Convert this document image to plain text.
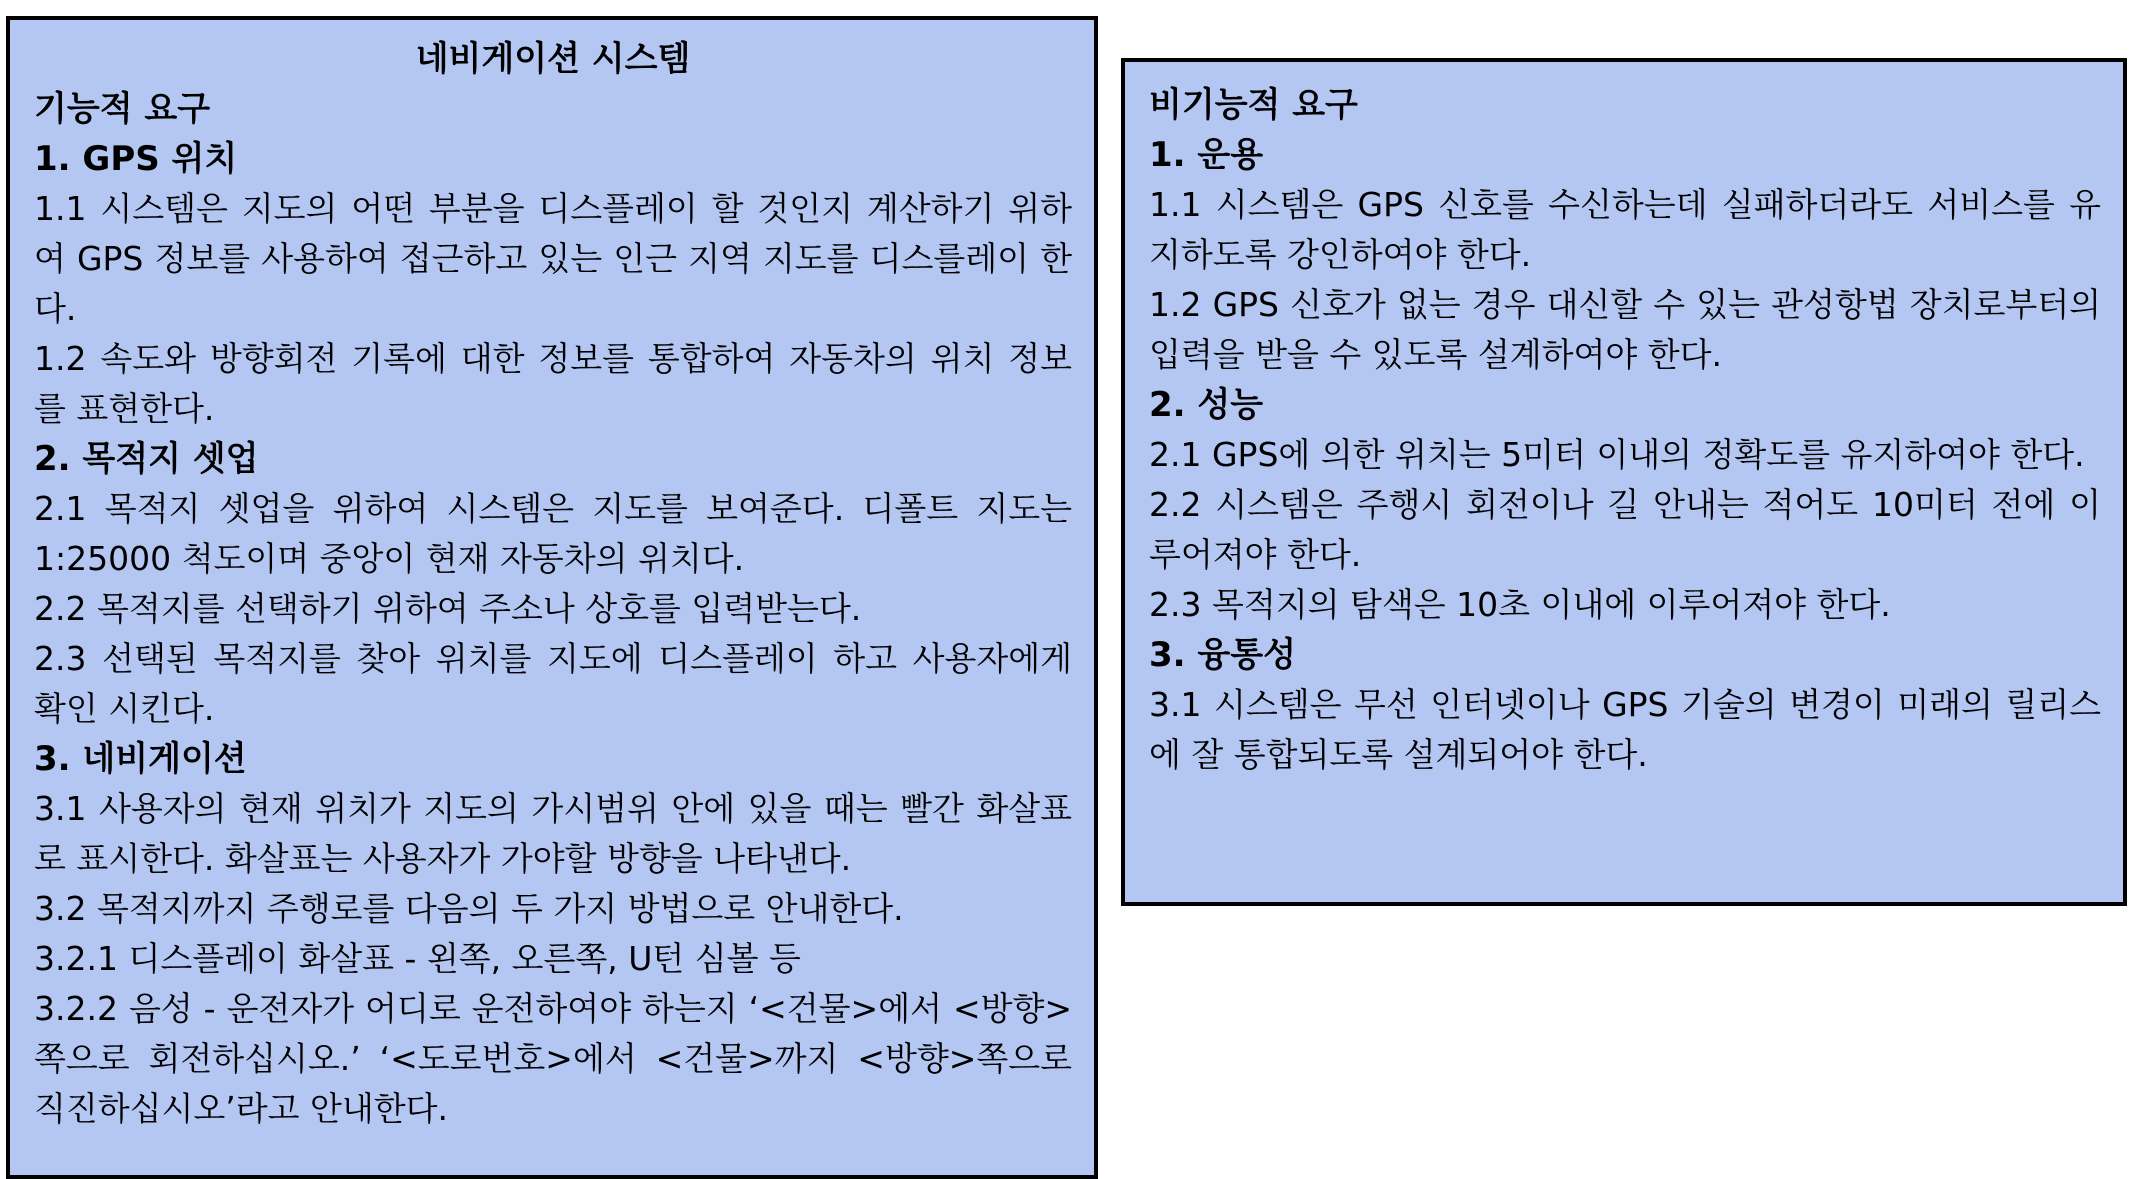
네비게이션 시스템
기능적 요구
1. GPS 위치

1.1 시스템은 지도의 어떤 부분을 디스플레이 할 것인지 계산하기 위하여 GPS 정보를 사용하여 접근하고 있는 인근 지역 지도를 디스를레이 한다.

1.2 속도와 방향회전 기록에 대한 정보를 통합하여 자동차의 위치 정보를 표현한다.

2. 목적지 셋업

2.1 목적지 셋업을 위하여 시스템은 지도를 보여준다. 디폴트 지도는 1:25000 척도이며 중앙이 현재 자동차의 위치다.

2.2 목적지를 선택하기 위하여 주소나 상호를 입력받는다.

2.3 선택된 목적지를 찾아 위치를 지도에 디스플레이 하고 사용자에게 확인 시킨다.

3. 네비게이션

3.1 사용자의 현재 위치가 지도의 가시범위 안에 있을 때는 빨간 화살표로 표시한다. 화살표는 사용자가 가야할 방향을 나타낸다.

3.2 목적지까지 주행로를 다음의 두 가지 방법으로 안내한다.

3.2.1 디스플레이 화살표 - 왼쪽, 오른쪽, U턴 심볼 등

3.2.2 음성 - 운전자가 어디로 운전하여야 하는지 ‘<건물>에서 <방향>쪽으로 회전하십시오.’ ‘<도로번호>에서 <건물>까지 <방향>쪽으로 직진하십시오’라고 안내한다.

비기능적 요구
1. 운용

1.1 시스템은 GPS 신호를 수신하는데 실패하더라도 서비스를 유지하도록 강인하여야 한다.

1.2 GPS 신호가 없는 경우 대신할 수 있는 관성항법 장치로부터의 입력을 받을 수 있도록 설계하여야 한다.

2. 성능

2.1 GPS에 의한 위치는 5미터 이내의 정확도를 유지하여야 한다.

2.2 시스템은 주행시 회전이나 길 안내는 적어도 10미터 전에 이루어져야 한다.

2.3 목적지의 탐색은 10초 이내에 이루어져야 한다.

3. 융통성

3.1 시스템은 무선 인터넷이나 GPS 기술의 변경이 미래의 릴리스에 잘 통합되도록 설계되어야 한다.
